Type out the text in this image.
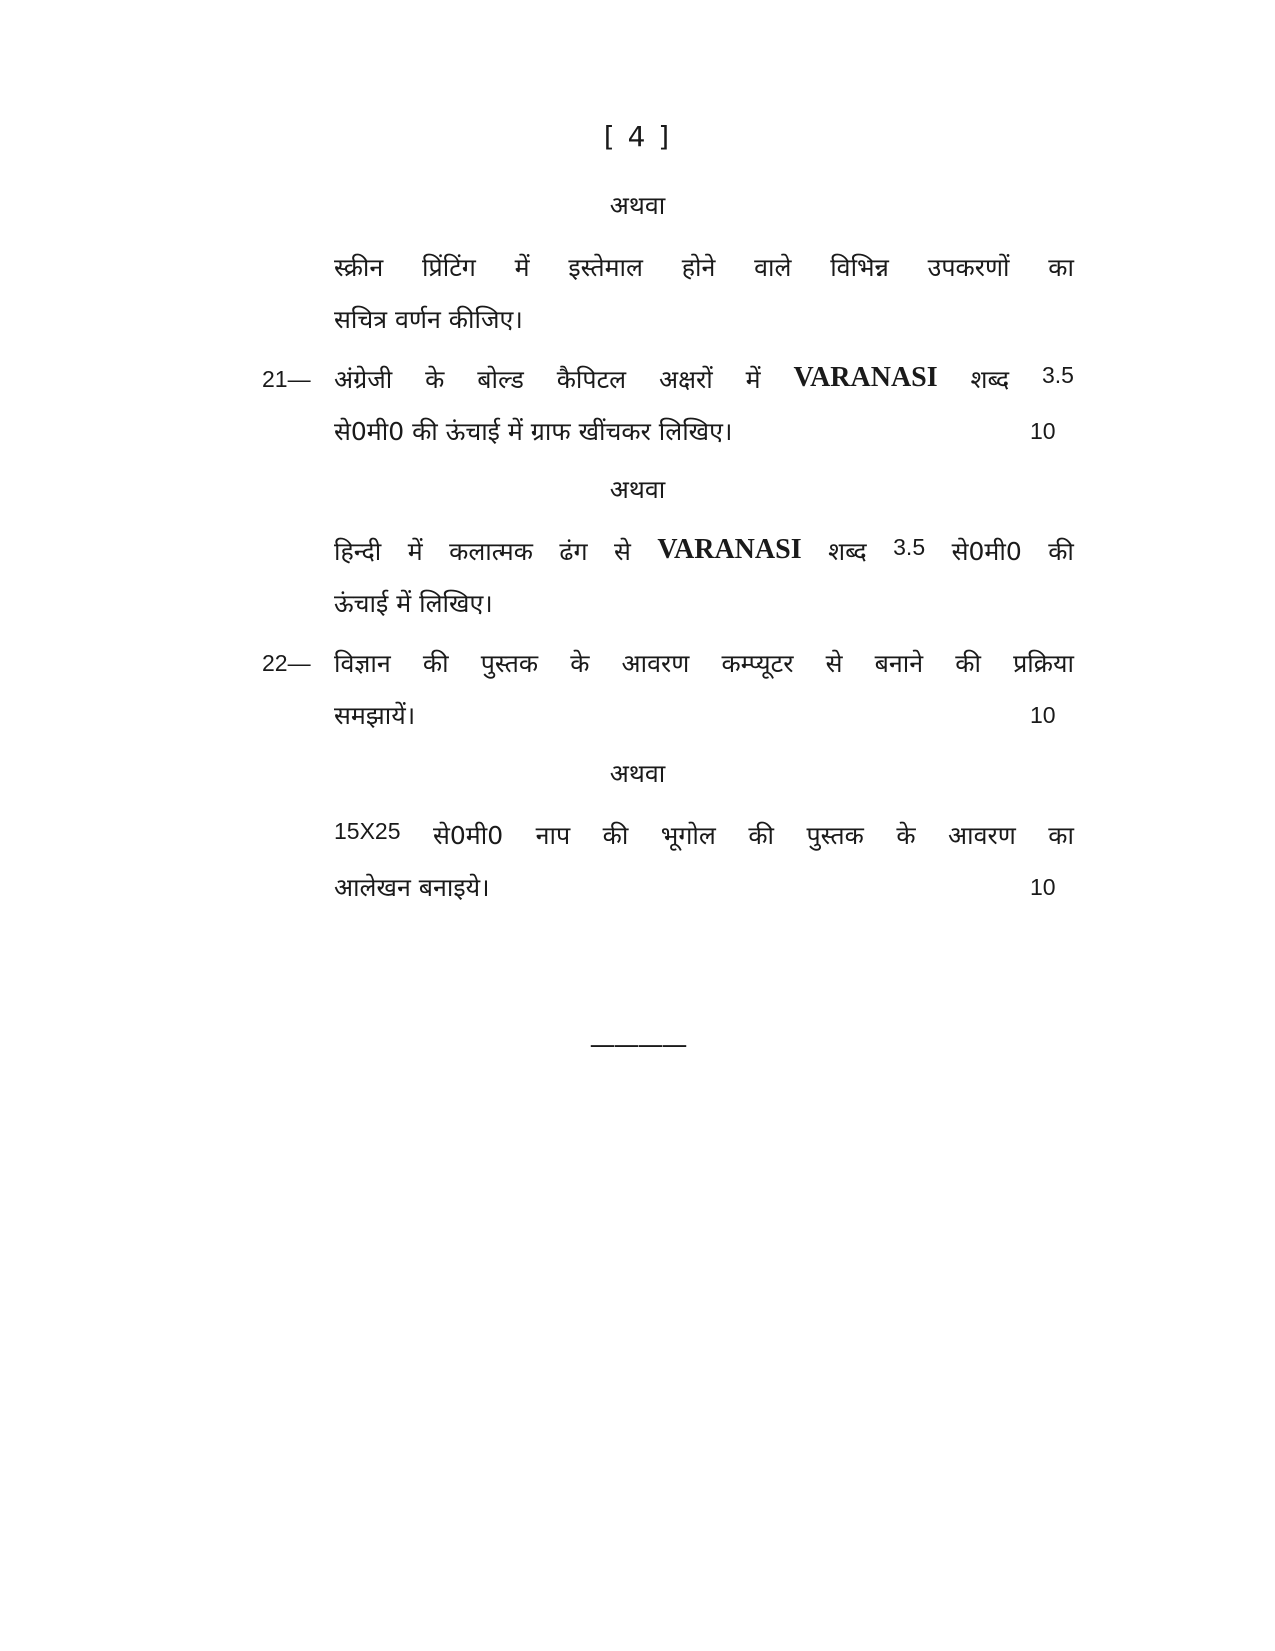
[ 4 ]
अथवा
स्क्रीन प्रिंटिंग में इस्तेमाल होने वाले विभिन्न उपकरणों का
सचित्र वर्णन कीजिए।
21— अंग्रेजी के बोल्ड कैपिटल अक्षरों में VARANASI शब्द 3.5
से0मी0 की ऊंचाई में ग्राफ खींचकर लिखिए।	10
अथवा
हिन्दी में कलात्मक ढंग से VARANASI शब्द 3.5 से0मी0 की
ऊंचाई में लिखिए।
22— विज्ञान की पुस्तक के आवरण कम्प्यूटर से बनाने की प्रक्रिया
समझायें।	10
अथवा
15X25 से0मी0 नाप की भूगोल की पुस्तक के आवरण का
आलेखन बनाइये।	10
————
